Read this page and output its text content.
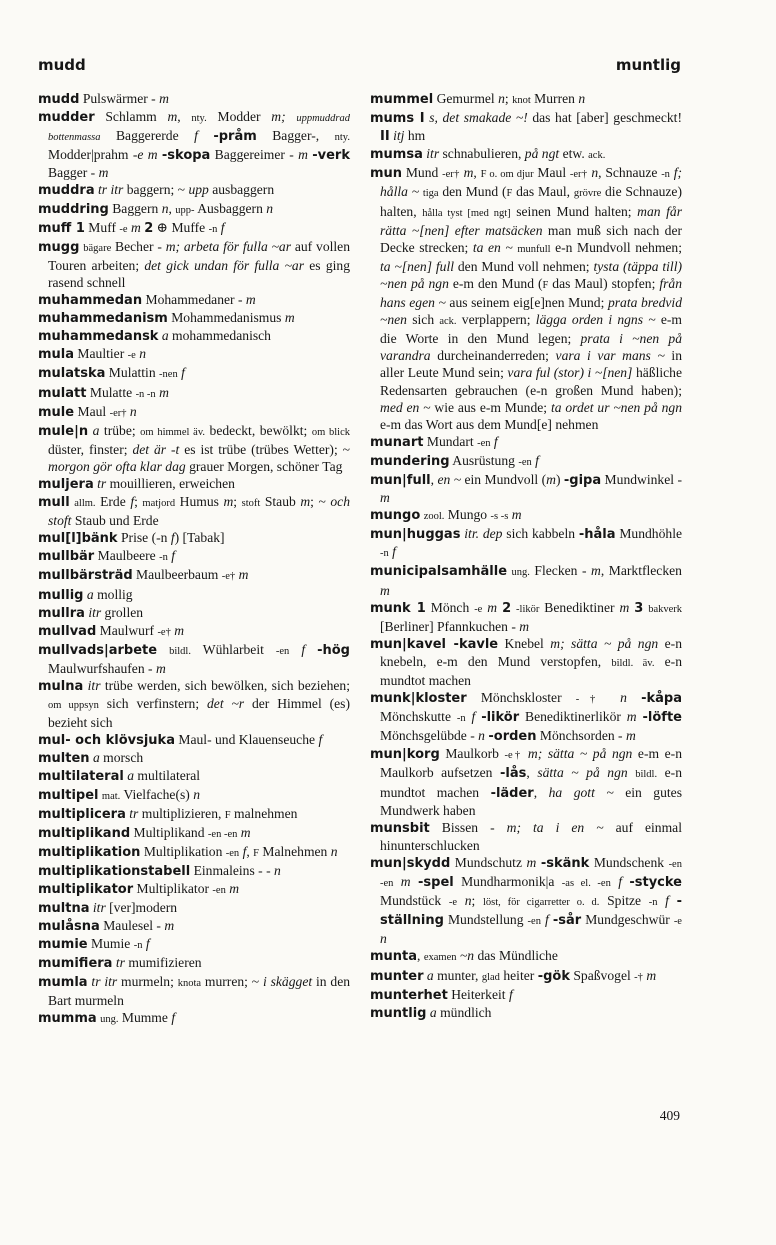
mudd	muntlig

mudd Pulswärmer - m

mudder Schlamm m, nty. Modder m; uppmuddrad bottenmassa Baggererde f -pråm Bagger-, nty. Modder|prahm -e m -skopa Baggereimer - m -verk Bagger - m

muddra tr itr baggern; ~ upp ausbaggern

muddring Baggern n, upp- Ausbaggern n

muff 1 Muff -e m 2 ⊕ Muffe -n f

mugg bägare Becher - m; arbeta för fulla ~ar auf vollen Touren arbeiten; det gick undan för fulla ~ar es ging rasend schnell

muhammedan Mohammedaner - m

muhammedanism Mohammedanismus m

muhammedansk a mohammedanisch

mula Maultier -e n

mulatska Mulattin -nen f

mulatt Mulatte -n -n m

mule Maul -er† n

mule|n a trübe; om himmel äv. bedeckt, bewölkt; om blick düster, finster; det är -t es ist trübe (trübes Wetter); ~ morgon gör ofta klar dag grauer Morgen, schöner Tag

muljera tr mouillieren, erweichen

mull allm. Erde f; matjord Humus m; stoft Staub m; ~ och stoft Staub und Erde

mul[l]bänk Prise (-n f) [Tabak]

mullbär Maulbeere -n f

mullbärsträd Maulbeerbaum -e† m

mullig a mollig

mullra itr grollen

mullvad Maulwurf -e† m

mullvads|arbete bildl. Wühlarbeit -en f -hög Maulwurfshaufen - m

mulna itr trübe werden, sich bewölken, sich beziehen; om uppsyn sich verfinstern; det ~r der Himmel (es) bezieht sich

mul- och klövsjuka Maul- und Klauenseuche f

multen a morsch

multilateral a multilateral

multipel mat. Vielfache(s) n

multiplicera tr multiplizieren, F malnehmen

multiplikand Multiplikand -en -en m

multiplikation Multiplikation -en f, F Malnehmen n

multiplikationstabell Einmaleins - - n

multiplikator Multiplikator -en m

multna itr [ver]modern

mulåsna Maulesel - m

mumie Mumie -n f

mumifiera tr mumifizieren

mumla tr itr murmeln; knota murren; ~ i skägget in den Bart murmeln

mumma ung. Mumme f

mummel Gemurmel n; knot Murren n

mums I s, det smakade ~! das hat [aber] geschmeckt! II itj hm

mumsa itr schnabulieren, på ngt etw. ack.

mun Mund -er† m, F o. om djur Maul -er† n, Schnauze -n f; hålla ~ tiga den Mund (F das Maul, grövre die Schnauze) halten, hålla tyst [med ngt] seinen Mund halten; man får rätta ~[nen] efter matsäcken man muß sich nach der Decke strecken; ta en ~ munfull e-n Mundvoll nehmen; ta ~[nen] full den Mund voll nehmen; tysta (täppa till) ~nen på ngn e-m den Mund (F das Maul) stopfen; från hans egen ~ aus seinem eig[e]nen Mund; prata bredvid ~nen sich ack. verplappern; lägga orden i ngns ~ e-m die Worte in den Mund legen; prata i ~nen på varandra durcheinanderreden; vara i var mans ~ in aller Leute Mund sein; vara ful (stor) i ~[nen] häßliche Redensarten gebrauchen (e-n großen Mund haben); med en ~ wie aus e-m Munde; ta ordet ur ~nen på ngn e-m das Wort aus dem Mund[e] nehmen

munart Mundart -en f

mundering Ausrüstung -en f

mun|full, en ~ ein Mundvoll (m) -gipa Mundwinkel - m

mungo zool. Mungo -s -s m

mun|huggas itr. dep sich kabbeln -håla Mundhöhle -n f

municipalsamhälle ung. Flecken - m, Marktflecken m

munk 1 Mönch -e m 2 -likör Benediktiner m 3 bakverk [Berliner] Pfannkuchen - m

mun|kavel -kavle Knebel m; sätta ~ på ngn e-n knebeln, e-m den Mund verstopfen, bildl. äv. e-n mundtot machen

munk|kloster Mönchskloster -† n -kåpa Mönchskutte -n f -likör Benediktinerlikör m -löfte Mönchsgelübde - n -orden Mönchsorden - m

mun|korg Maulkorb -e† m; sätta ~ på ngn e-m e-n Maulkorb aufsetzen -lås, sätta ~ på ngn bildl. e-n mundtot machen -läder, ha gott ~ ein gutes Mundwerk haben

munsbit Bissen - m; ta i en ~ auf einmal hinunterschlucken

mun|skydd Mundschutz m -skänk Mundschenk -en -en m -spel Mundharmonik|a -as el. -en f -stycke Mundstück -e n; löst, för cigarretter o. d. Spitze -n f -ställning Mundstellung -en f -sår Mundgeschwür -e n

munta, examen ~n das Mündliche

munter a munter, glad heiter -gök Spaßvogel -† m

munterhet Heiterkeit f

muntlig a mündlich

409
